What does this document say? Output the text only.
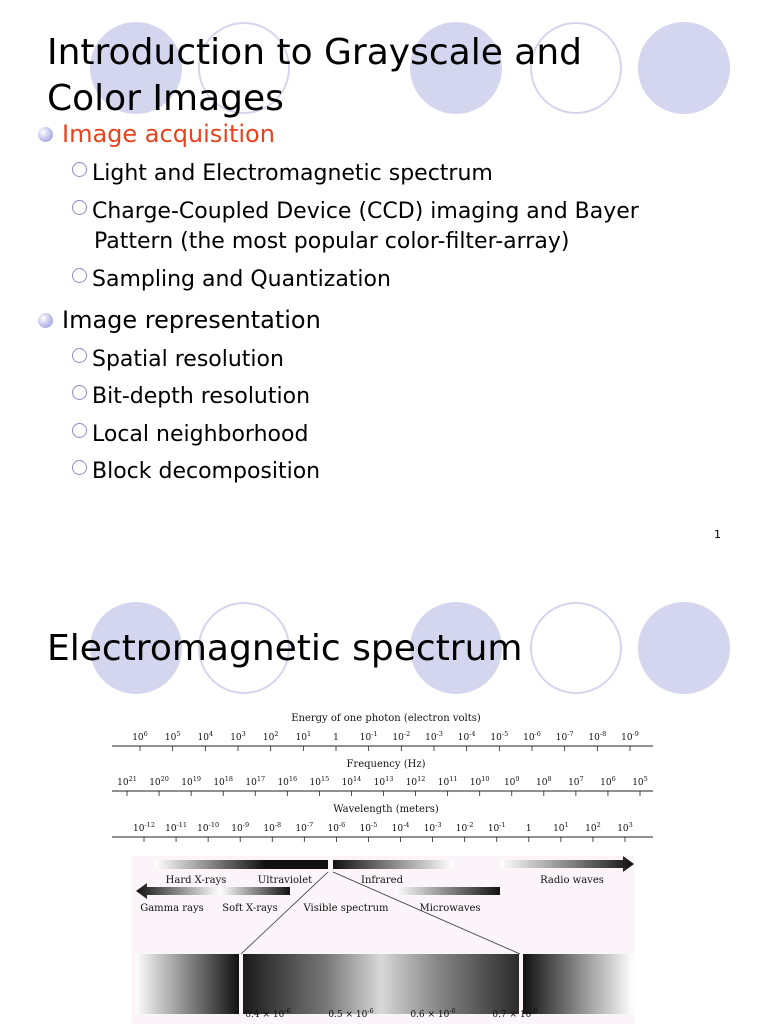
Introduction to Grayscale and
Color Images
Image acquisition
Light and Electromagnetic spectrum
Charge-Coupled Device (CCD) imaging and Bayer
Pattern (the most popular color-filter-array)
Sampling and Quantization
Image representation
Spatial resolution
Bit-depth resolution
Local neighborhood
Block decomposition
1
Electromagnetic spectrum
Energy of one photon (electron volts)
Frequency (Hz)
Wavelength (meters)
$10^6$ $10^5$ $10^4$ $10^3$ $10^2$ $10^1$ 1 $10^{-1}$ $10^{-2}$ $10^{-3}$ $10^{-4}$ $10^{-5}$ $10^{-6}$ $10^{-7}$ $10^{-8}$ $10^{-9}$
$10^{21}$ $10^{20}$ $10^{19}$ $10^{18}$ $10^{17}$ $10^{16}$ $10^{15}$ $10^{14}$ $10^{13}$ $10^{12}$ $10^{11}$ $10^{10}$ $10^9$ $10^8$ $10^7$ $10^6$ $10^5$
$10^{-12}$ $10^{-11}$ $10^{-10}$ $10^{-9}$ $10^{-8}$ $10^{-7}$ $10^{-6}$ $10^{-5}$ $10^{-4}$ $10^{-3}$ $10^{-2}$ $10^{-1}$ 1 $10^1$ $10^2$ $10^3$
Hard X-rays	Ultraviolet	Infrared	Radio waves
Gamma rays Soft X-rays	Visible spectrum	Microwaves
$0.4 \times 10^{-6}$	$0.5 \times 10^{-6}$	$0.6 \times 10^{-6}$	$0.7 \times 10^{-6}$
